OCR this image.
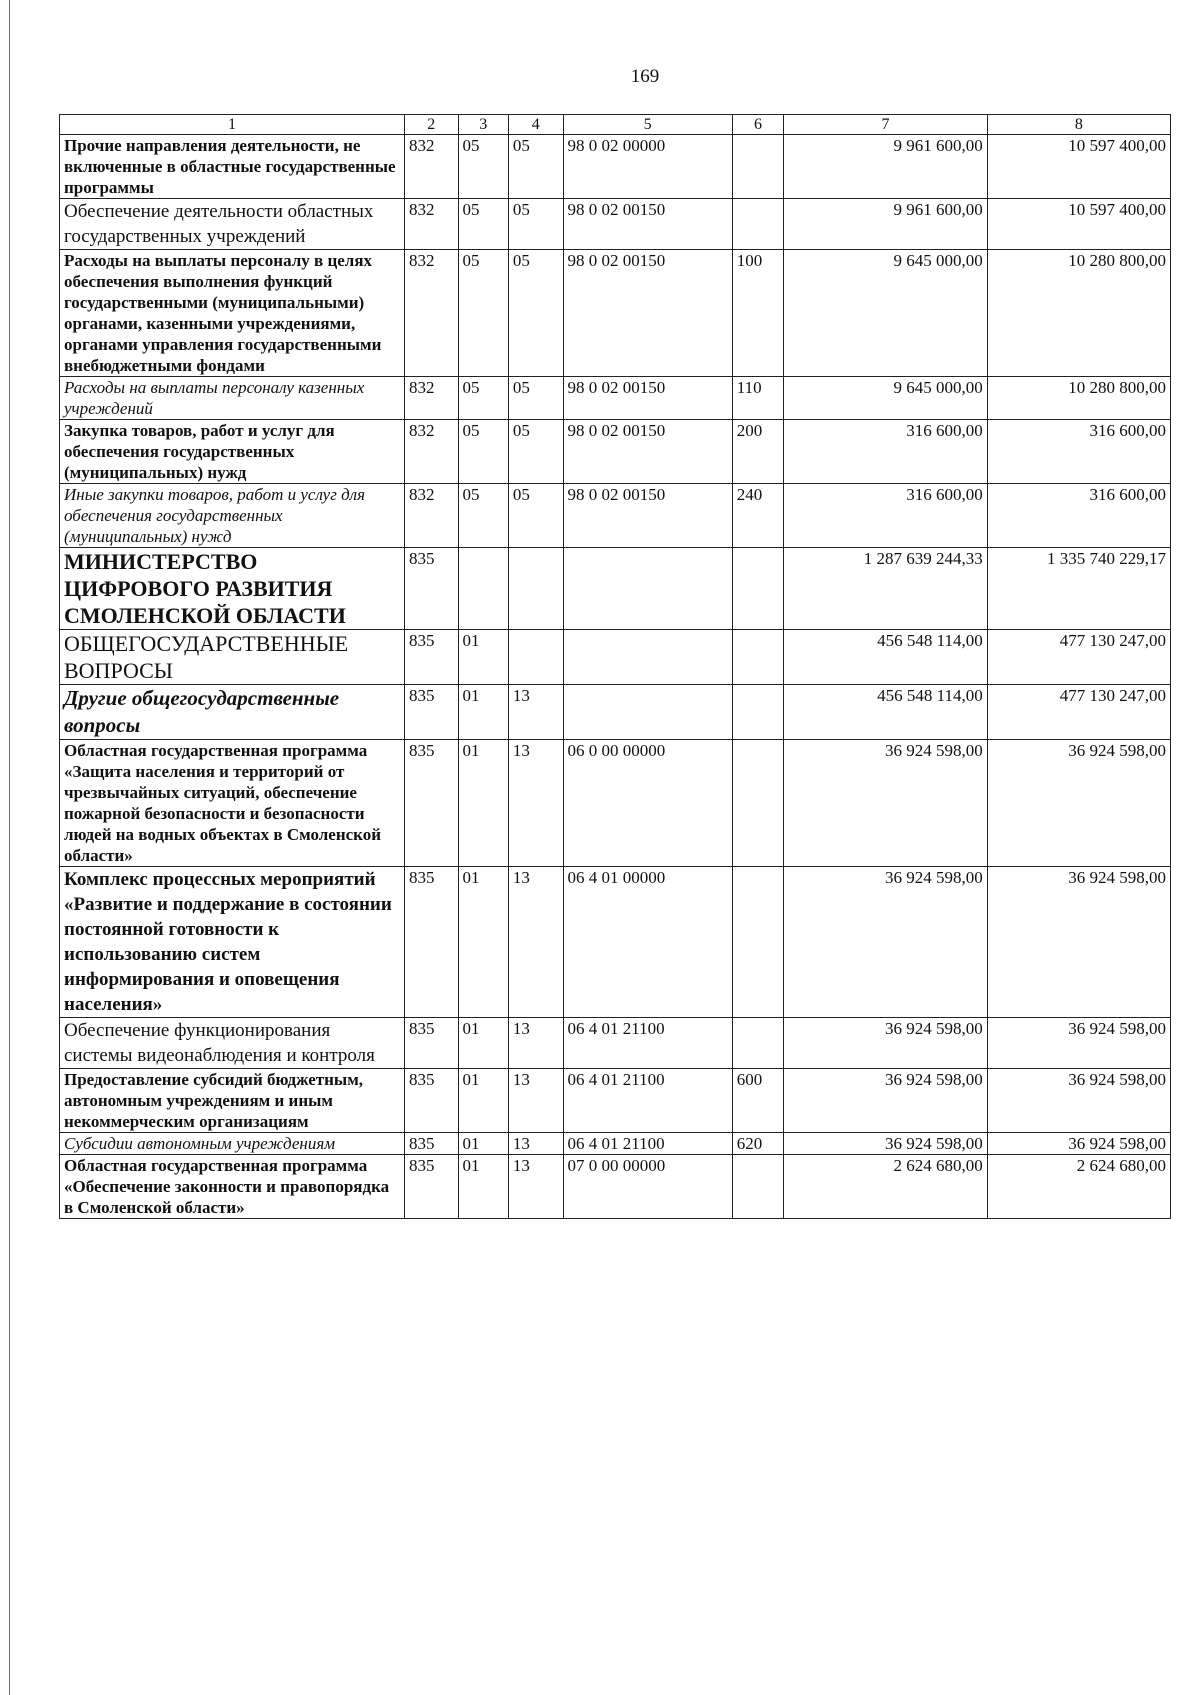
169
1	2	3	4	5	6	7	8
Прочие направления деятельности, не включенные в областные государственные программы	832	05	05	98 0 02 00000		9 961 600,00	10 597 400,00
Обеспечение деятельности областных государственных учреждений	832	05	05	98 0 02 00150		9 961 600,00	10 597 400,00
Расходы на выплаты персоналу в целях обеспечения выполнения функций государственными (муниципальными) органами, казенными учреждениями, органами управления государственными внебюджетными фондами	832	05	05	98 0 02 00150	100	9 645 000,00	10 280 800,00
Расходы на выплаты персоналу казенных учреждений	832	05	05	98 0 02 00150	110	9 645 000,00	10 280 800,00
Закупка товаров, работ и услуг для обеспечения государственных (муниципальных) нужд	832	05	05	98 0 02 00150	200	316 600,00	316 600,00
Иные закупки товаров, работ и услуг для обеспечения государственных (муниципальных) нужд	832	05	05	98 0 02 00150	240	316 600,00	316 600,00
МИНИСТЕРСТВО ЦИФРОВОГО РАЗВИТИЯ СМОЛЕНСКОЙ ОБЛАСТИ	835					1 287 639 244,33	1 335 740 229,17
ОБЩЕГОСУДАРСТВЕННЫЕ ВОПРОСЫ	835	01				456 548 114,00	477 130 247,00
Другие общегосударственные вопросы	835	01	13			456 548 114,00	477 130 247,00
Областная государственная программа «Защита населения и территорий от чрезвычайных ситуаций, обеспечение пожарной безопасности и безопасности людей на водных объектах в Смоленской области»	835	01	13	06 0 00 00000		36 924 598,00	36 924 598,00
Комплекс процессных мероприятий «Развитие и поддержание в состоянии постоянной готовности к использованию систем информирования и оповещения населения»	835	01	13	06 4 01 00000		36 924 598,00	36 924 598,00
Обеспечение функционирования системы видеонаблюдения и контроля	835	01	13	06 4 01 21100		36 924 598,00	36 924 598,00
Предоставление субсидий бюджетным, автономным учреждениям и иным некоммерческим организациям	835	01	13	06 4 01 21100	600	36 924 598,00	36 924 598,00
Субсидии автономным учреждениям	835	01	13	06 4 01 21100	620	36 924 598,00	36 924 598,00
Областная государственная программа «Обеспечение законности и правопорядка в Смоленской области»	835	01	13	07 0 00 00000		2 624 680,00	2 624 680,00
